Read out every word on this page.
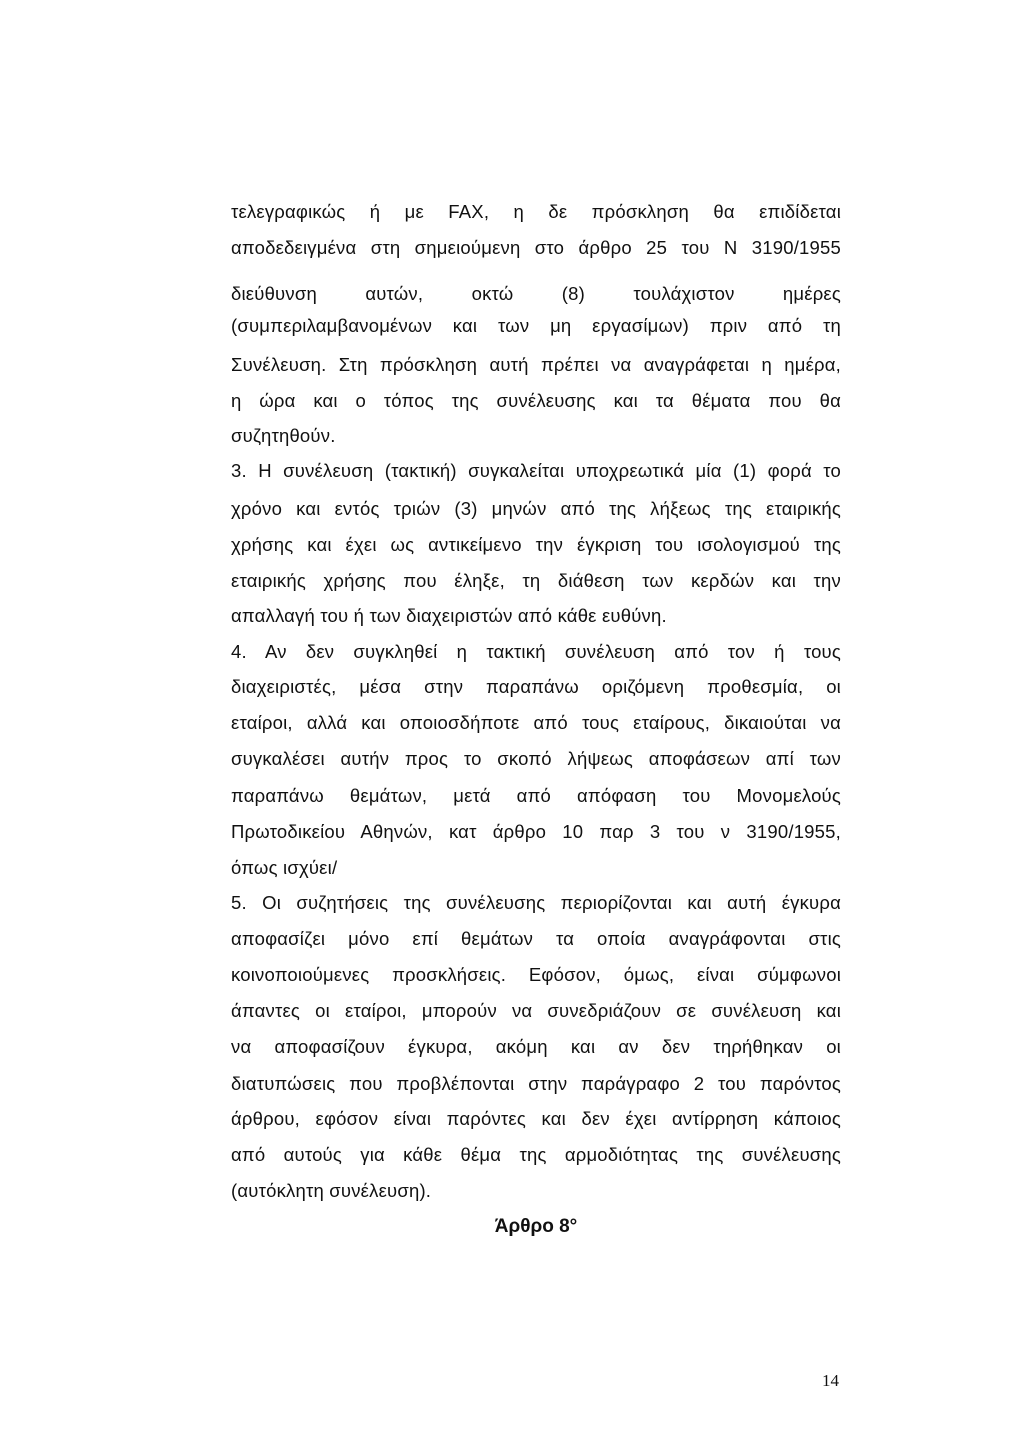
τελεγραφικώς ή με FAX, η δε πρόσκληση θα επιδίδεται
αποδεδειγμένα στη σημειούμενη στο άρθρο 25 του Ν 3190/1955
διεύθυνση αυτών, οκτώ (8) τουλάχιστον ημέρες
(συμπεριλαμβανομένων και των μη εργασίμων) πριν από τη
Συνέλευση. Στη πρόσκληση αυτή πρέπει να αναγράφεται η ημέρα,
η ώρα και ο τόπος της συνέλευσης και τα θέματα που θα
συζητηθούν.
3. Η συνέλευση (τακτική) συγκαλείται υποχρεωτικά μία (1) φορά το
χρόνο και εντός τριών (3) μηνών από της λήξεως της εταιρικής
χρήσης και έχει ως αντικείμενο την έγκριση του ισολογισμού της
εταιρικής χρήσης που έληξε, τη διάθεση των κερδών και την
απαλλαγή του ή των διαχειριστών από κάθε ευθύνη.
4. Αν δεν συγκληθεί η τακτική συνέλευση από τον ή τους
διαχειριστές, μέσα στην παραπάνω οριζόμενη προθεσμία, οι
εταίροι, αλλά και οποιοσδήποτε από τους εταίρους, δικαιούται να
συγκαλέσει αυτήν προς το σκοπό λήψεως αποφάσεων απί των
παραπάνω θεμάτων, μετά από απόφαση του Μονομελούς
Πρωτοδικείου Αθηνών, κατ άρθρο 10 παρ 3 του ν 3190/1955,
όπως ισχύει/
5. Οι συζητήσεις της συνέλευσης περιορίζονται και αυτή έγκυρα
αποφασίζει μόνο επί θεμάτων τα οποία αναγράφονται στις
κοινοποιούμενες προσκλήσεις. Εφόσον, όμως, είναι σύμφωνοι
άπαντες οι εταίροι, μπορούν να συνεδριάζουν σε συνέλευση και
να αποφασίζουν έγκυρα, ακόμη και αν δεν τηρήθηκαν οι
διατυπώσεις που προβλέπονται στην παράγραφο 2 του παρόντος
άρθρου, εφόσον είναι παρόντες και δεν έχει αντίρρηση κάποιος
από αυτούς για κάθε θέμα της αρμοδιότητας της συνέλευσης
(αυτόκλητη συνέλευση).
Άρθρο 8°
14
